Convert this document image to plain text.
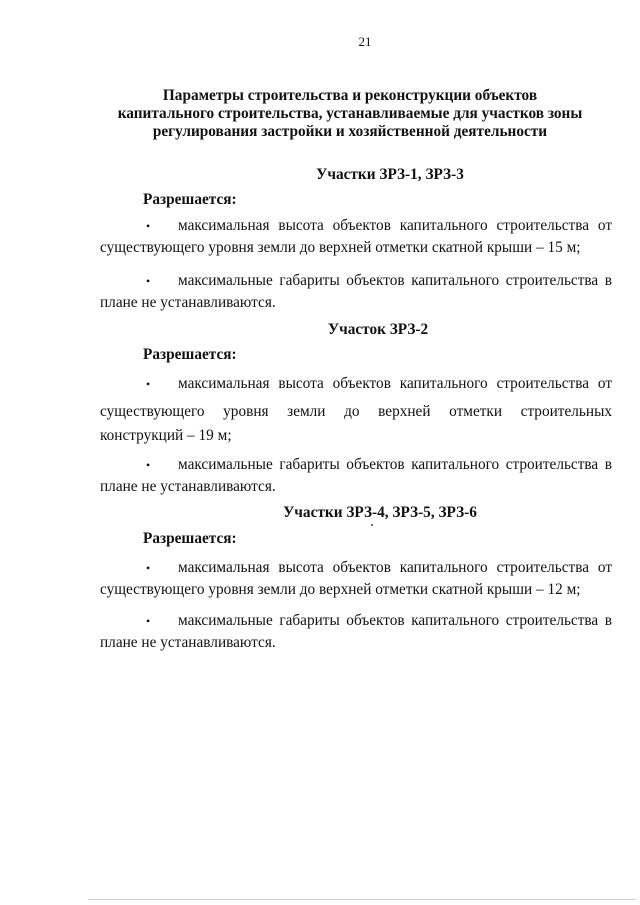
21
Параметры строительства и реконструкции объектов
капитального строительства, устанавливаемые для участков зоны
регулирования застройки и хозяйственной деятельности
Участки ЗРЗ-1, ЗРЗ-3
Разрешается:
• максимальная высота объектов капитального строительства от
существующего уровня земли до верхней отметки скатной крыши – 15 м;
• максимальные габариты объектов капитального строительства в
плане не устанавливаются.
Участок ЗРЗ-2
Разрешается:
• максимальная высота объектов капитального строительства от
существующего уровня земли до верхней отметки строительных
конструкций – 19 м;
• максимальные габариты объектов капитального строительства в
плане не устанавливаются.
Участки ЗРЗ-4, ЗРЗ-5, ЗРЗ-6
Разрешается:
• максимальная высота объектов капитального строительства от
существующего уровня земли до верхней отметки скатной крыши – 12 м;
• максимальные габариты объектов капитального строительства в
плане не устанавливаются.
